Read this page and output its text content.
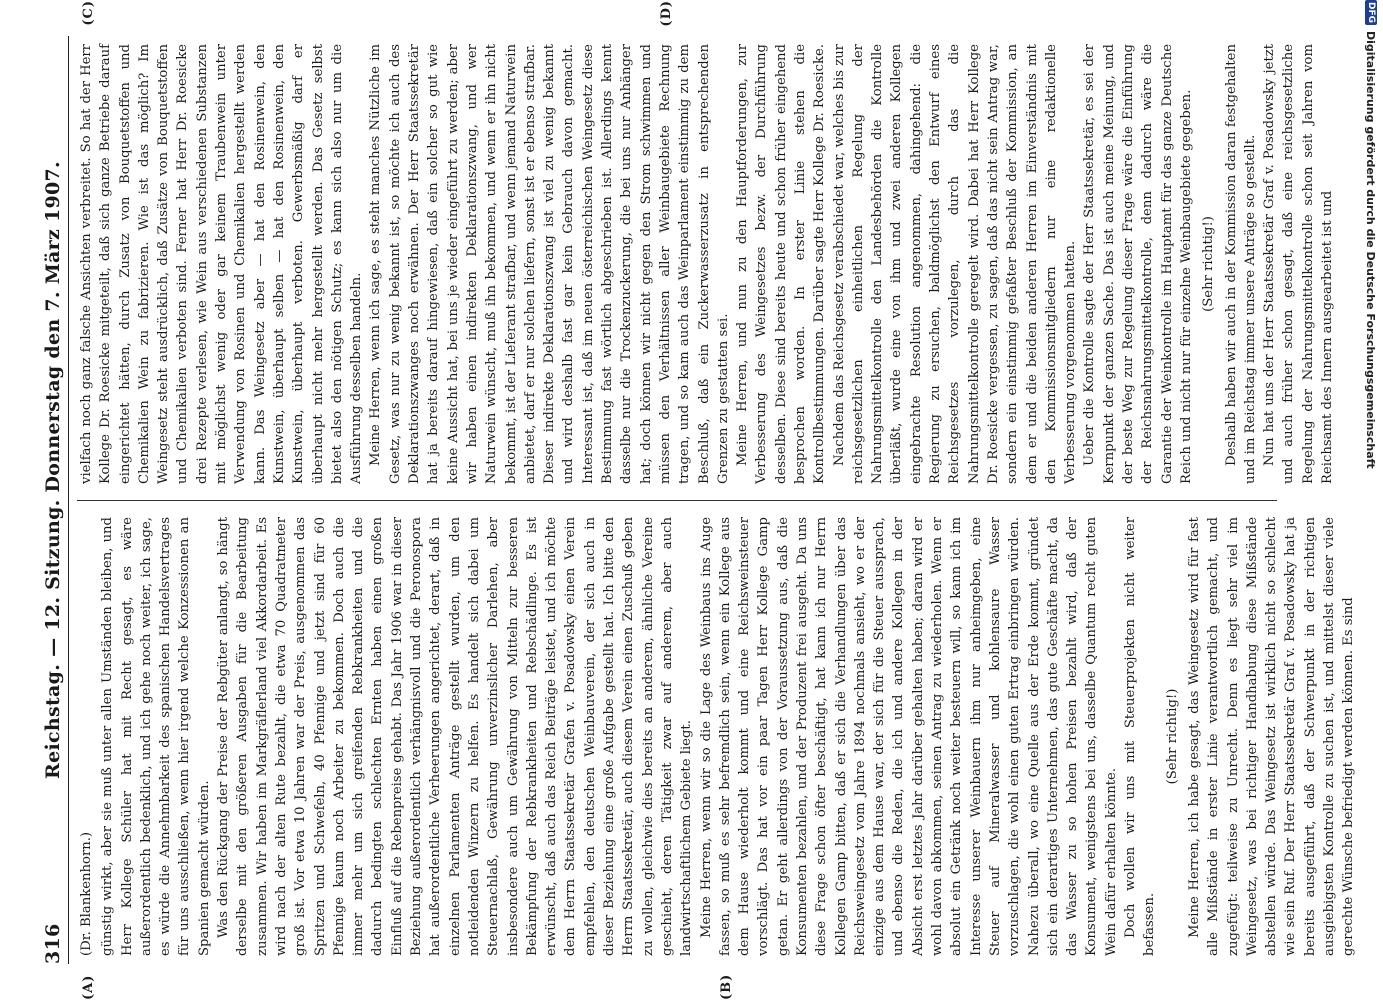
316
Reichstag. — 12. Sitzung. Donnerstag den 7. März 1907.
(A)	(B)

(Dr. Blankenhorn.) günstig wirkt, aber sie muß unter allen Umständen bleiben, und Herr Kollege Schüler hat mit Recht gesagt, es wäre außerordentlich bedenklich, und ich gehe noch weiter, ich sage, es würde die Annehmbarkeit des spanischen Handelsvertrages für uns ausschließen, wenn hier irgend welche Konzessionen an Spanien gemacht würden. Was den Rückgang der Preise der Rebgüter anlangt, so hängt derselbe mit den größeren Ausgaben für die Bearbeitung zusammen. Wir haben im Markgräflerland viel Akkordarbeit. Es wird nach der alten Rute bezahlt, die etwa 70 Quadratmeter groß ist. Vor etwa 10 Jahren war der Preis, ausgenommen das Spritzen und Schwefeln, 40 Pfennige und jetzt sind für 60 Pfennige kaum noch Arbeiter zu bekommen. Doch auch die immer mehr um sich greifenden Rebkrankheiten und die dadurch bedingten schlechten Ernten haben einen großen Einfluß auf die Rebenpreise gehabt. Das Jahr 1906 war in dieser Beziehung außerordentlich verhängnisvoll und die Peronospora hat außerordentliche Verheerungen angerichtet, derart, daß in einzelnen Parlamenten Anträge gestellt wurden, um den notleidenden Winzern zu helfen. Es handelt sich dabei um Steuernachlaß, Gewährung unverzinslicher Darlehen, aber insbesondere auch um Gewährung von Mitteln zur besseren Bekämpfung der Rebkrankheiten und Rebschädlinge. Es ist erwünscht, daß auch das Reich Beiträge leistet, und ich möchte dem Herrn Staatssekretär Grafen v. Posadowsky einen Verein empfehlen, den deutschen Weinbauverein, der sich auch in dieser Beziehung eine große Aufgabe gestellt hat. Ich bitte den Herrn Staatssekretär, auch diesem Verein einen Zuschuß geben zu wollen, gleichwie dies bereits an anderem, ähnliche Vereine geschieht, deren Tätigkeit zwar auf anderem, aber auch landwirtschaftlichem Gebiete liegt. Meine Herren, wenn wir so die Lage des Weinbaus ins Auge fassen, so muß es sehr befremdlich sein, wenn ein Kollege aus dem Hause wiederholt kommt und eine Reichsweinsteuer vorschlägt. Das hat vor ein paar Tagen Herr Kollege Gamp getan. Er geht allerdings von der Voraussetzung aus, daß die Konsumenten bezahlen, und der Produzent frei ausgeht. Da uns diese Frage schon öfter beschäftigt, hat kann ich nur Herrn Kollegen Gamp bitten, daß er sich die Verhandlungen über das Reichsweingesetz vom Jahre 1894 nochmals ansieht, wo er der einzige aus dem Hause war, der sich für die Steuer aussprach, und ebenso die Reden, die ich und andere Kollegen in der Absicht erst letztes Jahr darüber gehalten haben; daran wird er wohl davon abkommen, seinen Antrag zu wiederholen. Wenn er absolut ein Getränk noch weiter besteuern will, so kann ich im Interesse unserer Weinbauern ihm nur anheimgeben, eine Steuer auf Mineralwasser und kohlensaure Wasser vorzuschlagen, die wohl einen guten Ertrag einbringen würden. Nahezu überall, wo eine Quelle aus der Erde kommt, gründet sich ein derartiges Unternehmen, das gute Geschäfte macht, da das Wasser zu so hohen Preisen bezahlt wird, daß der Konsument, wenigstens bei uns, dasselbe Quantum recht guten Wein dafür erhalten könnte. Doch wollen wir uns mit Steuerprojekten nicht weiter befassen.

(Sehr richtig!) Meine Herren, ich habe gesagt, das Weingesetz wird für fast alle Mißstände in erster Linie verantwortlich gemacht, und zugefügt: teilweise zu Unrecht. Denn es liegt sehr viel im Weingesetz, was bei richtiger Handhabung diese Mißstände abstellen würde. Das Weingesetz ist wirklich nicht so schlecht wie sein Ruf. Der Herr Staatssekretär Graf v. Posadowsky hat ja bereits ausgeführt, daß der Schwerpunkt in der richtigen ausgiebigsten Kontrolle zu suchen ist, und mittelst dieser viele gerechte Wünsche befriedigt werden können. Es sind

(C)	(D)

vielfach noch ganz falsche Ansichten verbreitet. So hat der Herr Kollege Dr. Roesicke mitgeteilt, daß sich ganze Betriebe darauf eingerichtet hätten, durch Zusatz von Bouquetstoffen und Chemikalien Wein zu fabrizieren. Wie ist das möglich? Im Weingesetz steht ausdrücklich, daß Zusätze von Bouquetstoffen und Chemikalien verboten sind. Ferner hat Herr Dr. Roesicke drei Rezepte verlesen, wie Wein aus verschiedenen Substanzen mit möglichst wenig oder gar keinem Traubenwein unter Verwendung von Rosinen und Chemikalien hergestellt werden kann. Das Weingesetz aber — hat den Rosinenwein, den Kunstwein, überhaupt selben — hat den Rosinenwein, den Kunstwein, überhaupt verboten. Gewerbsmäßig darf er überhaupt nicht mehr hergestellt werden. Das Gesetz selbst bietet also den nötigen Schutz; es kann sich also nur um die Ausführung desselben handeln. Meine Herren, wenn ich sage, es steht manches Nützliche im Gesetz, was nur zu wenig bekannt ist, so möchte ich auch des Deklarationszwanges noch erwähnen. Der Herr Staatssekretär hat ja bereits darauf hingewiesen, daß ein solcher so gut wie keine Aussicht hat, bei uns je wieder eingeführt zu werden; aber wir haben einen indirekten Deklarationszwang, und wer Naturwein wünscht, muß ihn bekommen, und wenn er ihn nicht bekommt, ist der Lieferant strafbar, und wenn jemand Naturwein anbietet, darf er nur solchen liefern, sonst ist er ebenso strafbar. Dieser indirekte Deklarationszwang ist viel zu wenig bekannt und wird deshalb fast gar kein Gebrauch davon gemacht. Interessant ist, daß im neuen österreichischen Weingesetz diese Bestimmung fast wörtlich abgeschrieben ist. Allerdings kennt dasselbe nur die Trockenzuckerung, die bei uns nur Anhänger hat; doch können wir nicht gegen den Strom schwimmen und müssen den Verhältnissen aller Weinbaugebiete Rechnung tragen, und so kam auch das Weinparlament einstimmig zu dem Beschluß, daß ein Zuckerwasserzusatz in entsprechenden Grenzen zu gestatten sei. Meine Herren, und nun zu den Hauptforderungen, zur Verbesserung des Weingesetzes bezw. der Durchführung desselben. Diese sind bereits heute und schon früher eingehend besprochen worden. In erster Linie stehen die Kontrollbestimmungen. Darüber sagte Herr Kollege Dr. Roesicke. Nachdem das Reichsgesetz verabschiedet war, welches bis zur reichsgesetzlichen einheitlichen Regelung der Nahrungsmittelkontrolle den Landesbehörden die Kontrolle überläßt, wurde eine von ihm und zwei anderen Kollegen eingebrachte Resolution angenommen, dahingehend: die Regierung zu ersuchen, baldmöglichst den Entwurf eines Reichsgesetzes vorzulegen, durch das die Nahrungsmittelkontrolle geregelt wird. Dabei hat Herr Kollege Dr. Roesicke vergessen, zu sagen, daß das nicht sein Antrag war, sondern ein einstimmig gefaßter Beschluß der Kommission, an dem er und die beiden anderen Herren im Einverständnis mit den Kommissionsmitgliedern nur eine redaktionelle Verbesserung vorgenommen hatten. Ueber die Kontrolle sagte der Herr Staatssekretär, es sei der Kernpunkt der ganzen Sache. Das ist auch meine Meinung, und der beste Weg zur Regelung dieser Frage wäre die Einführung der Reichsnahrungsmittelkontrolle, denn dadurch wäre die Garantie der Weinkontrolle im Hauptamt für das ganze Deutsche Reich und nicht nur für einzelne Weinbaugebiete gegeben. (Sehr richtig!) Deshalb haben wir auch in der Kommission daran festgehalten und im Reichstag immer unsere Anträge so gestellt. Nun hat uns der Herr Staatssekretär Graf v. Posadowsky jetzt und auch früher schon gesagt, daß eine reichsgesetzliche Regelung der Nahrungsmittelkontrolle schon seit Jahren vom Reichsamt des Innern ausgearbeitet ist und

DFG
Digitalisierung gefördert durch die Deutsche Forschungsgemeinschaft
